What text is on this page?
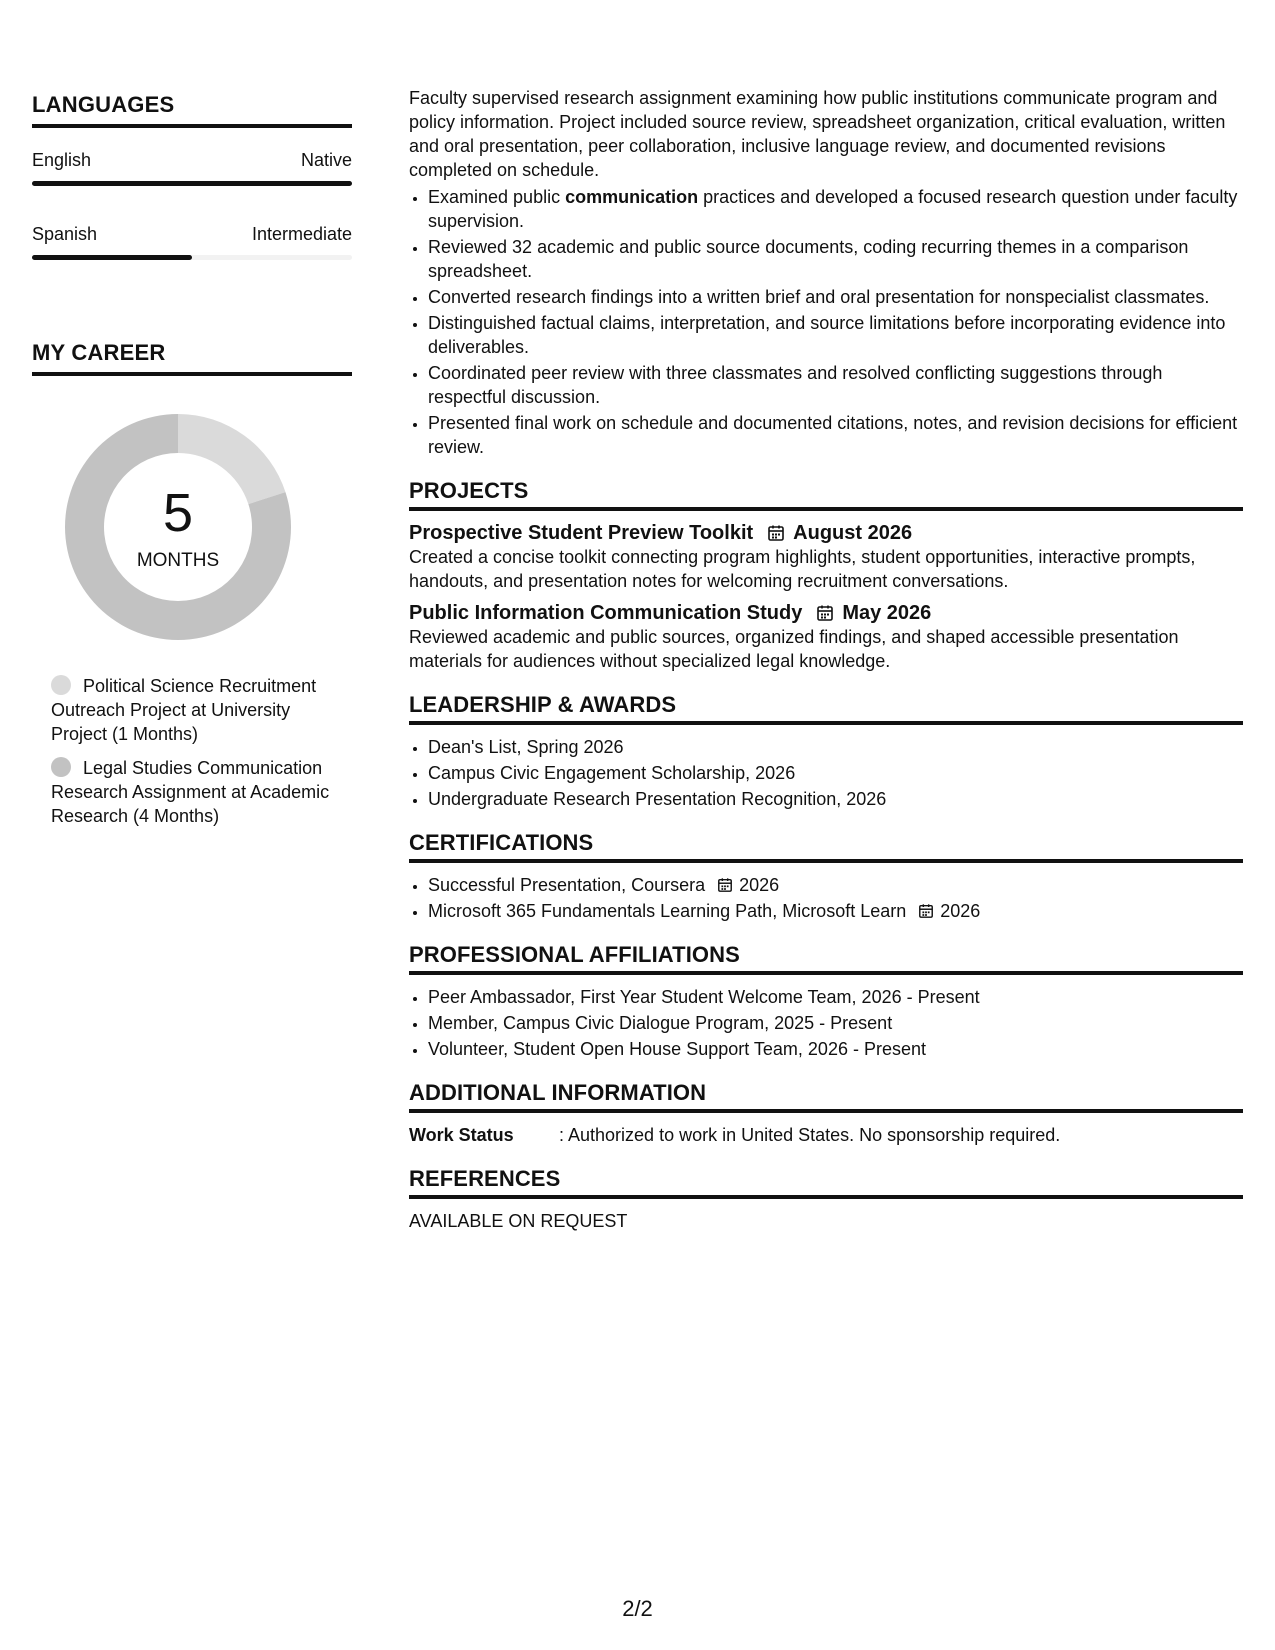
LANGUAGES
English	Native
Spanish	Intermediate
MY CAREER
5
MONTHS
Political Science Recruitment Outreach Project at University Project (1 Months)
Legal Studies Communication Research Assignment at Academic Research (4 Months)

Faculty supervised research assignment examining how public institutions communicate program and policy information. Project included source review, spreadsheet organization, critical evaluation, written and oral presentation, peer collaboration, inclusive language review, and documented revisions completed on schedule.

• Examined public communication practices and developed a focused research question under faculty supervision.
• Reviewed 32 academic and public source documents, coding recurring themes in a comparison spreadsheet.
• Converted research findings into a written brief and oral presentation for nonspecialist classmates.
• Distinguished factual claims, interpretation, and source limitations before incorporating evidence into deliverables.
• Coordinated peer review with three classmates and resolved conflicting suggestions through respectful discussion.
• Presented final work on schedule and documented citations, notes, and revision decisions for efficient review.
PROJECTS
Prospective Student Preview Toolkit August 2026

Created a concise toolkit connecting program highlights, student opportunities, interactive prompts, handouts, and presentation notes for welcoming recruitment conversations.

Public Information Communication Study May 2026

Reviewed academic and public sources, organized findings, and shaped accessible presentation materials for audiences without specialized legal knowledge.

LEADERSHIP & AWARDS
• Dean's List, Spring 2026
• Campus Civic Engagement Scholarship, 2026
• Undergraduate Research Presentation Recognition, 2026
CERTIFICATIONS
• Successful Presentation, Coursera 2026
• Microsoft 365 Fundamentals Learning Path, Microsoft Learn 2026
PROFESSIONAL AFFILIATIONS
• Peer Ambassador, First Year Student Welcome Team, 2026 - Present
• Member, Campus Civic Dialogue Program, 2025 - Present
• Volunteer, Student Open House Support Team, 2026 - Present
ADDITIONAL INFORMATION
Work Status	: Authorized to work in United States. No sponsorship required.
REFERENCES

AVAILABLE ON REQUEST

2/2
